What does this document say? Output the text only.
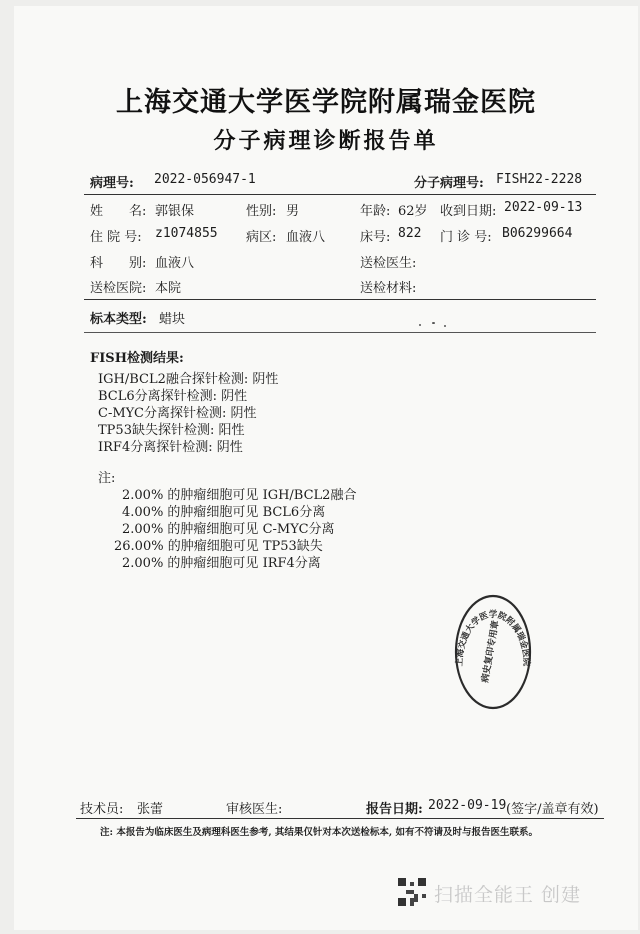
上海交通大学医学院附属瑞金医院
分子病理诊断报告单
病理号: 2022-056947-1	分子病理号: FISH22-2228
姓　　名: 郭银保	性别: 男	年龄: 62岁 收到日期: 2022-09-13
住 院 号: z1074855 病区: 血液八	床号: 822 门 诊 号: B06299664
科　　别: 血液八	送检医生:
送检医院: 本院	送检材料:
标本类型: 蜡块
FISH检测结果:
IGH/BCL2融合探针检测: 阴性
BCL6分离探针检测: 阴性
C-MYC分离探针检测: 阴性
TP53缺失探针检测: 阳性
IRF4分离探针检测: 阴性
注:
2.00% 的肿瘤细胞可见 IGH/BCL2融合
4.00% 的肿瘤细胞可见 BCL6分离
2.00% 的肿瘤细胞可见 C-MYC分离
26.00% 的肿瘤细胞可见 TP53缺失
2.00% 的肿瘤细胞可见 IRF4分离
上海交通大学医学院附属瑞金医院
病史复印专用章
技术员: 张蕾	审核医生:	报告日期: 2022-09-19 (签字/盖章有效)
注: 本报告为临床医生及病理科医生参考, 其结果仅针对本次送检标本, 如有不符请及时与报告医生联系。
扫描全能王 创建
